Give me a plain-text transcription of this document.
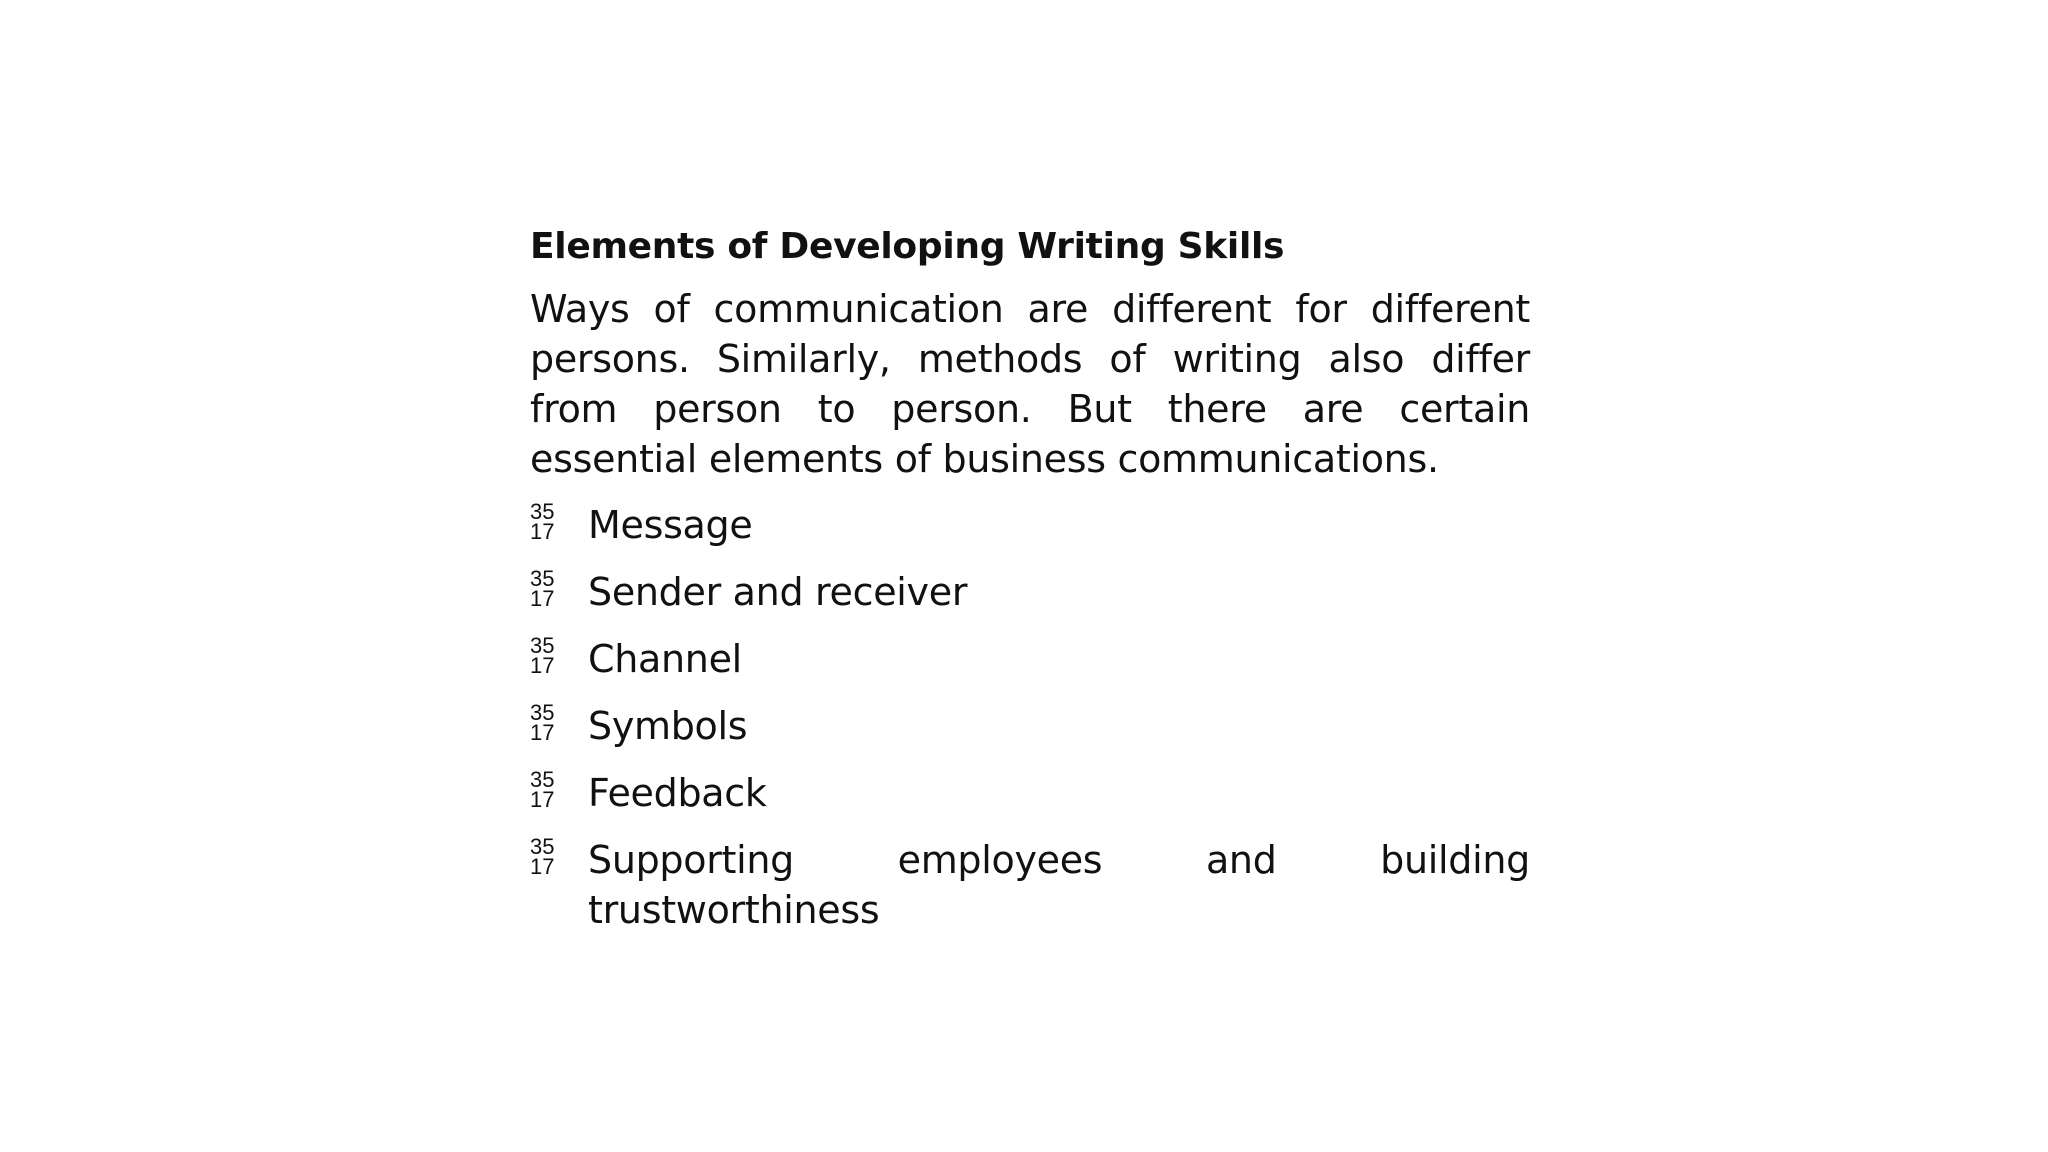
Elements of Developing Writing Skills
Ways of communication are different for different persons. Similarly, methods of writing also differ from person to person. But there are certain essential elements of business communications.
35
17 Message
35
17 Sender and receiver
35
17 Channel
35
17 Symbols
35
17 Feedback
35
17 Supporting employees and building trustworthiness
